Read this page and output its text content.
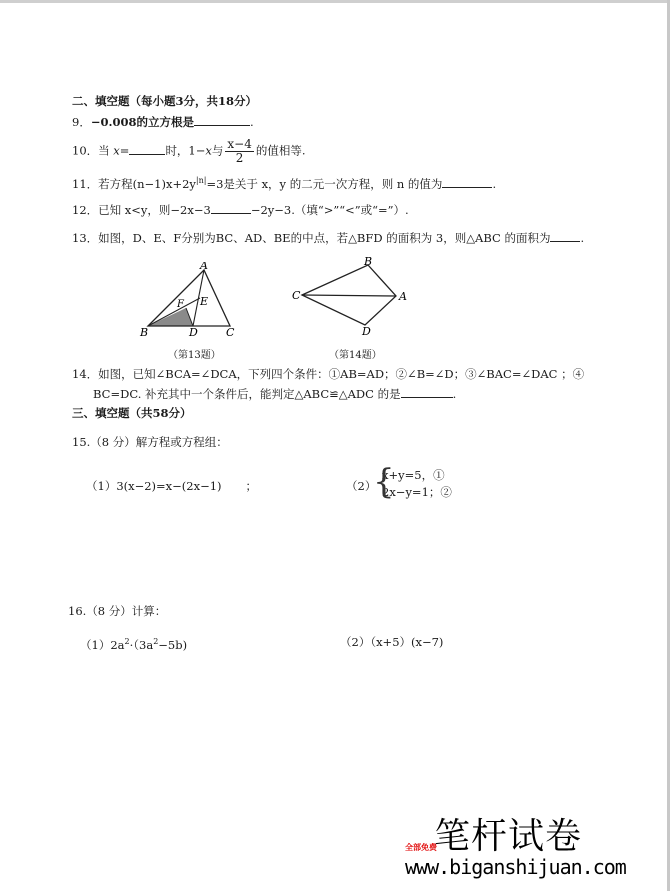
二、填空题（每小题3分，共18分）
9．−0.008的立方根是	.
10．当 x=	时，1−x与 $\frac{x-4}{2}$ 的值相等.
11．若方程$(n-1)x+2y^{|n|}=3$是关于 x，y 的二元一次方程，则 n 的值为	.
12．已知 x<y，则−2x−3	−2y−3.（填“>”“<”或“=”）.
13．如图，D、E、F分别为BC、AD、BE的中点，若△BFD 的面积为 3，则△ABC 的面积为	.
A
E
F
B	D	C
（第13题）
B
C	A
D
（第14题）
14．如图，已知∠BCA=∠DCA，下列四个条件：①AB=AD；②∠B=∠D；③∠BAC=∠DAC ；④
BC=DC. 补充其中一个条件后，能判定△ABC≌△ADC 的是	.
三、填空题（共58分）
15.（8 分）解方程或方程组：
（1）3(x−2)=x−(2x−1) ；	（2）
{
x+y=5，①
2x−y=1；②
16.（8 分）计算：
$(1)2a^2\cdot(3a^2-5b)$	（2）（x+5）(x−7)
笔杆试卷
全部免费
www.biganshijuan.com
